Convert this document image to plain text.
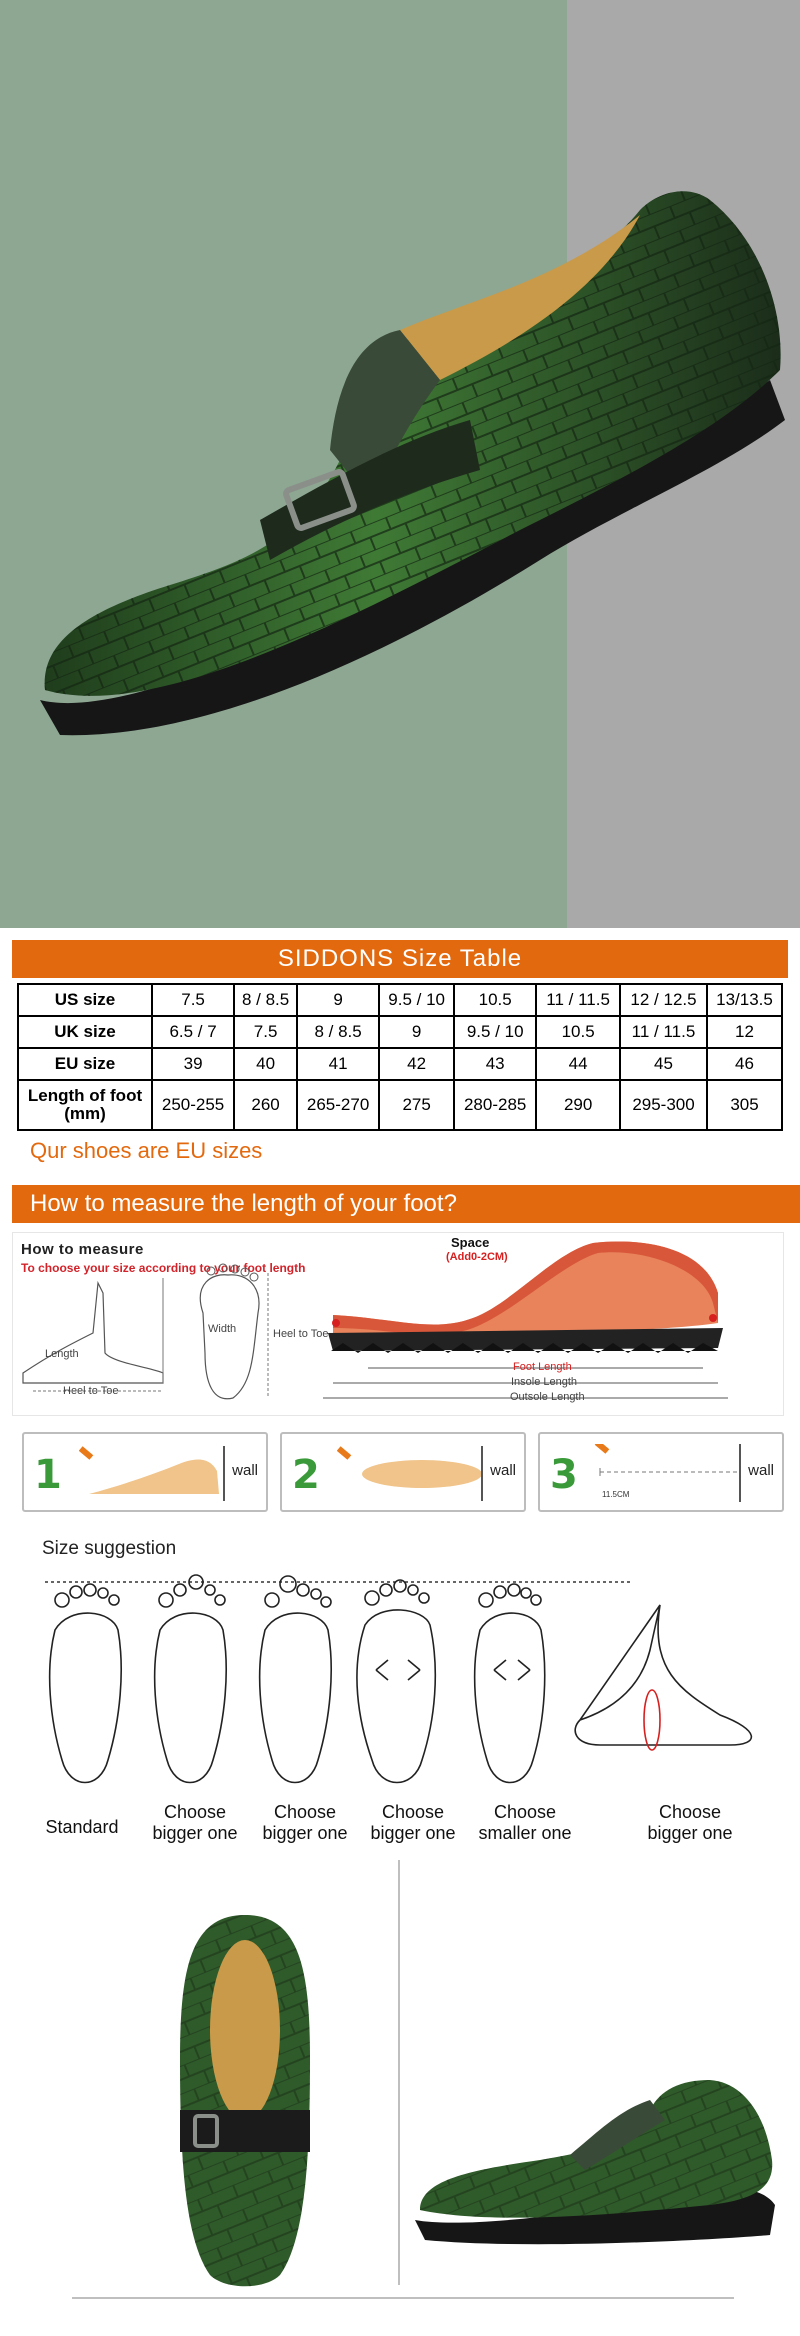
SIDDONS Size Table
US size	7.5	8 / 8.5	9	9.5 / 10	10.5	11 / 11.5	12 / 12.5	13/13.5
UK size	6.5 / 7	7.5	8 / 8.5	9	9.5 / 10	10.5	11 / 11.5	12
EU size	39	40	41	42	43	44	45	46
Length of foot
(mm)	250-255	260	265-270	275	280-285	290	295-300	305
Qur shoes are EU sizes
How to measure the length of your foot?
How to measure
To choose your size according to your foot length
Length
Heel to Toe
Width	Heel to Toe
Space
(Add0-2CM)
Foot Length
Insole Length
Outsole Length
1	wall 2	wall 3	11.5CM
wall
Size suggestion
Standard
Choose
bigger one
Choose
bigger one
Choose
bigger one
Choose
smaller one
Choose
bigger one
